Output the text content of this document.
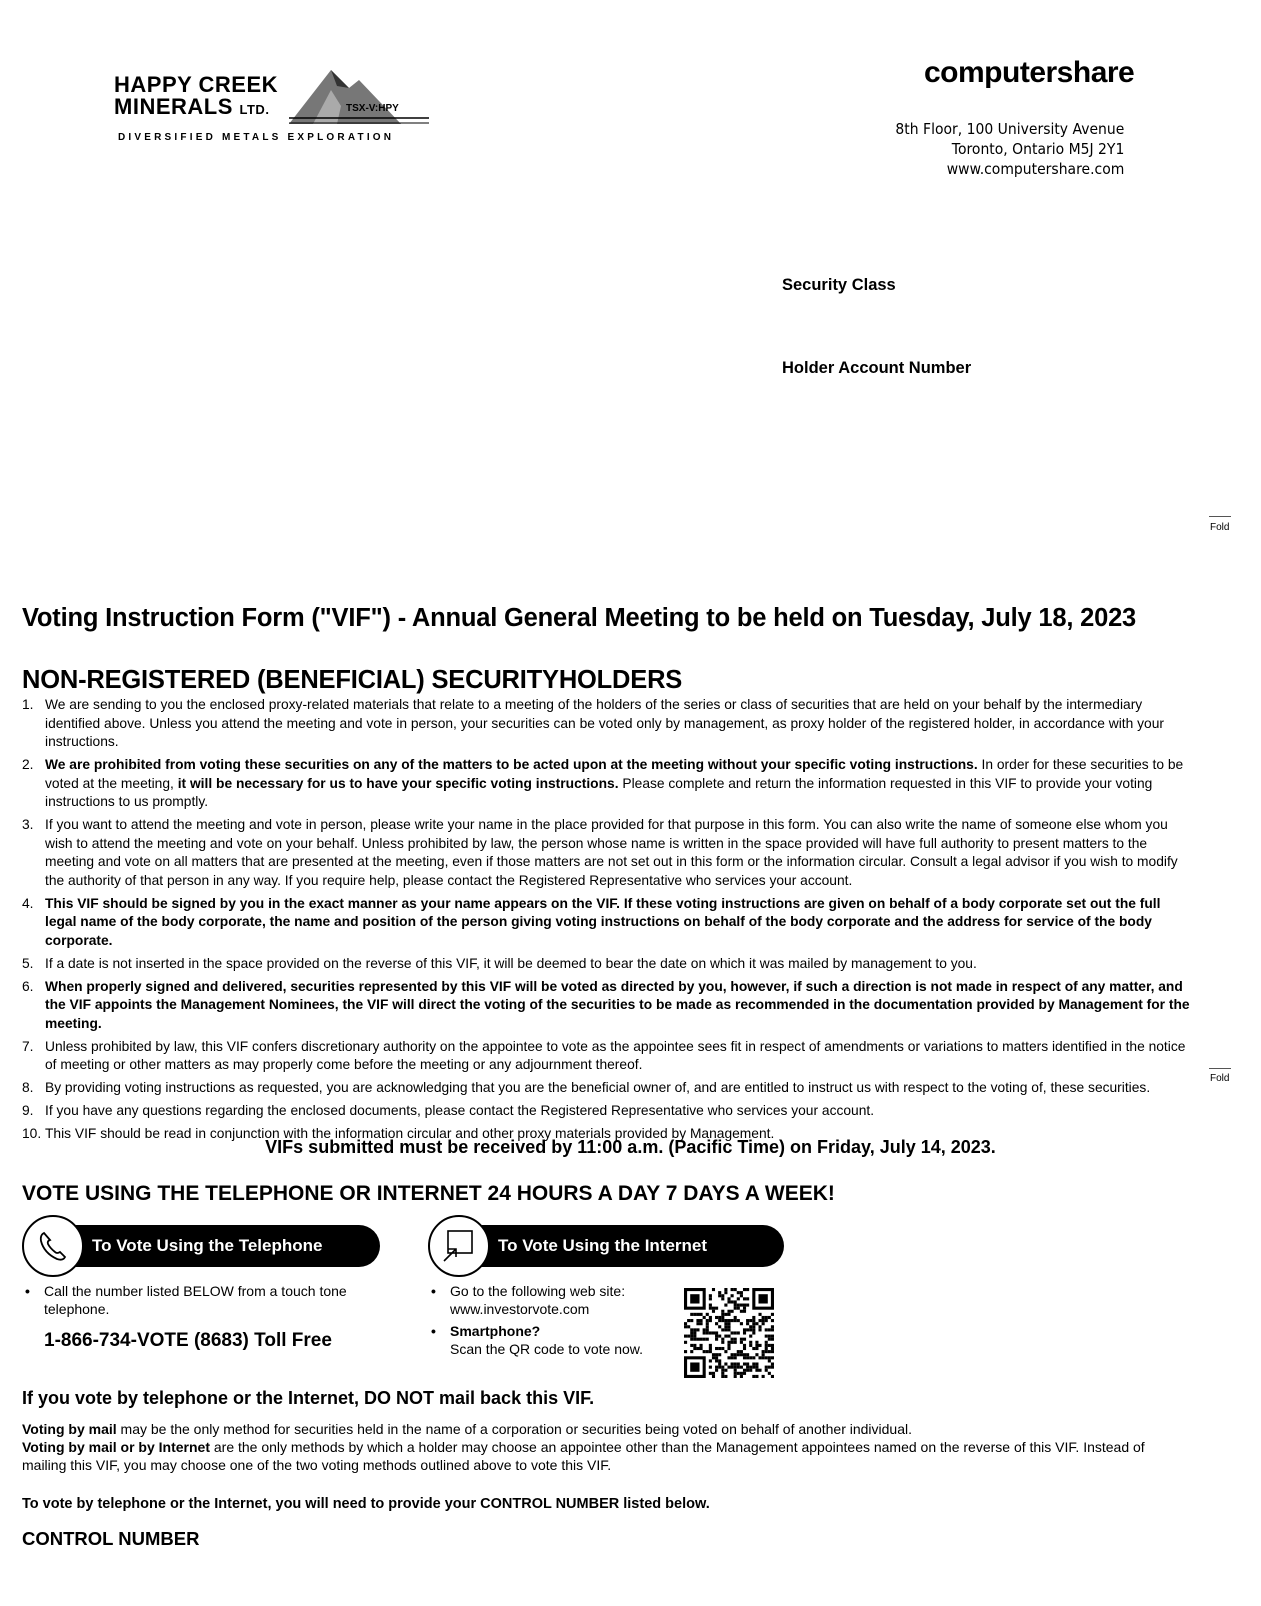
HAPPY CREEK
MINERALS LTD.	TSX-V:HPY
DIVERSIFIED METALS EXPLORATION
computershare
8th Floor, 100 University Avenue
Toronto, Ontario M5J 2Y1
www.computershare.com
Security Class
Holder Account Number
Fold
Fold
Voting Instruction Form ("VIF") - Annual General Meeting to be held on Tuesday, July 18, 2023
NON-REGISTERED (BENEFICIAL) SECURITYHOLDERS
1. We are sending to you the enclosed proxy-related materials that relate to a meeting of the holders of the series or class of securities that are held on your behalf by the intermediary identified above. Unless you attend the meeting and vote in person, your securities can be voted only by management, as proxy holder of the registered holder, in accordance with your instructions.
2. We are prohibited from voting these securities on any of the matters to be acted upon at the meeting without your specific voting instructions. In order for these securities to be voted at the meeting, it will be necessary for us to have your specific voting instructions. Please complete and return the information requested in this VIF to provide your voting instructions to us promptly.
3. If you want to attend the meeting and vote in person, please write your name in the place provided for that purpose in this form. You can also write the name of someone else whom you wish to attend the meeting and vote on your behalf. Unless prohibited by law, the person whose name is written in the space provided will have full authority to present matters to the meeting and vote on all matters that are presented at the meeting, even if those matters are not set out in this form or the information circular. Consult a legal advisor if you wish to modify the authority of that person in any way. If you require help, please contact the Registered Representative who services your account.
4. This VIF should be signed by you in the exact manner as your name appears on the VIF. If these voting instructions are given on behalf of a body corporate set out the full legal name of the body corporate, the name and position of the person giving voting instructions on behalf of the body corporate and the address for service of the body corporate.
5. If a date is not inserted in the space provided on the reverse of this VIF, it will be deemed to bear the date on which it was mailed by management to you.
6. When properly signed and delivered, securities represented by this VIF will be voted as directed by you, however, if such a direction is not made in respect of any matter, and the VIF appoints the Management Nominees, the VIF will direct the voting of the securities to be made as recommended in the documentation provided by Management for the meeting.
7. Unless prohibited by law, this VIF confers discretionary authority on the appointee to vote as the appointee sees fit in respect of amendments or variations to matters identified in the notice of meeting or other matters as may properly come before the meeting or any adjournment thereof.
8. By providing voting instructions as requested, you are acknowledging that you are the beneficial owner of, and are entitled to instruct us with respect to the voting of, these securities.
9. If you have any questions regarding the enclosed documents, please contact the Registered Representative who services your account.
10. This VIF should be read in conjunction with the information circular and other proxy materials provided by Management.
VIFs submitted must be received by 11:00 a.m. (Pacific Time) on Friday, July 14, 2023.
VOTE USING THE TELEPHONE OR INTERNET 24 HOURS A DAY 7 DAYS A WEEK!
To Vote Using the Telephone
• Call the number listed BELOW from a touch tone telephone.
1-866-734-VOTE (8683) Toll Free
To Vote Using the Internet
• Go to the following web site:
www.investorvote.com
• Smartphone?
Scan the QR code to vote now.
If you vote by telephone or the Internet, DO NOT mail back this VIF.
Voting by mail may be the only method for securities held in the name of a corporation or securities being voted on behalf of another individual.
Voting by mail or by Internet are the only methods by which a holder may choose an appointee other than the Management appointees named on the reverse of this VIF. Instead of mailing this VIF, you may choose one of the two voting methods outlined above to vote this VIF.
To vote by telephone or the Internet, you will need to provide your CONTROL NUMBER listed below.
CONTROL NUMBER
